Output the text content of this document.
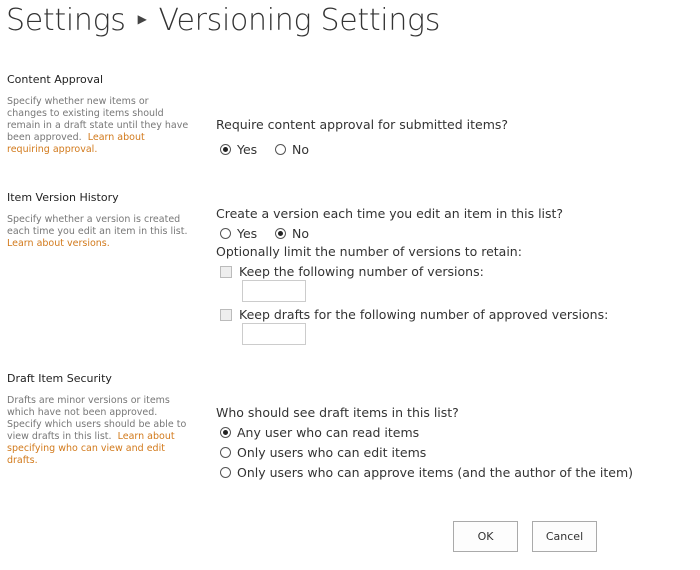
Settings ▶ Versioning Settings
Content Approval
Specify whether new items or changes to existing items should remain in a draft state until they have been approved. Learn about requiring approval.
Require content approval for submitted items?
Yes	No
Item Version History
Specify whether a version is created each time you edit an item in this list. Learn about versions.
Create a version each time you edit an item in this list?
Yes	No
Optionally limit the number of versions to retain:
Keep the following number of versions:
Keep drafts for the following number of approved versions:
Draft Item Security
Drafts are minor versions or items which have not been approved. Specify which users should be able to view drafts in this list. Learn about specifying who can view and edit drafts.
Who should see draft items in this list?
Any user who can read items
Only users who can edit items
Only users who can approve items (and the author of the item)
OK	Cancel
